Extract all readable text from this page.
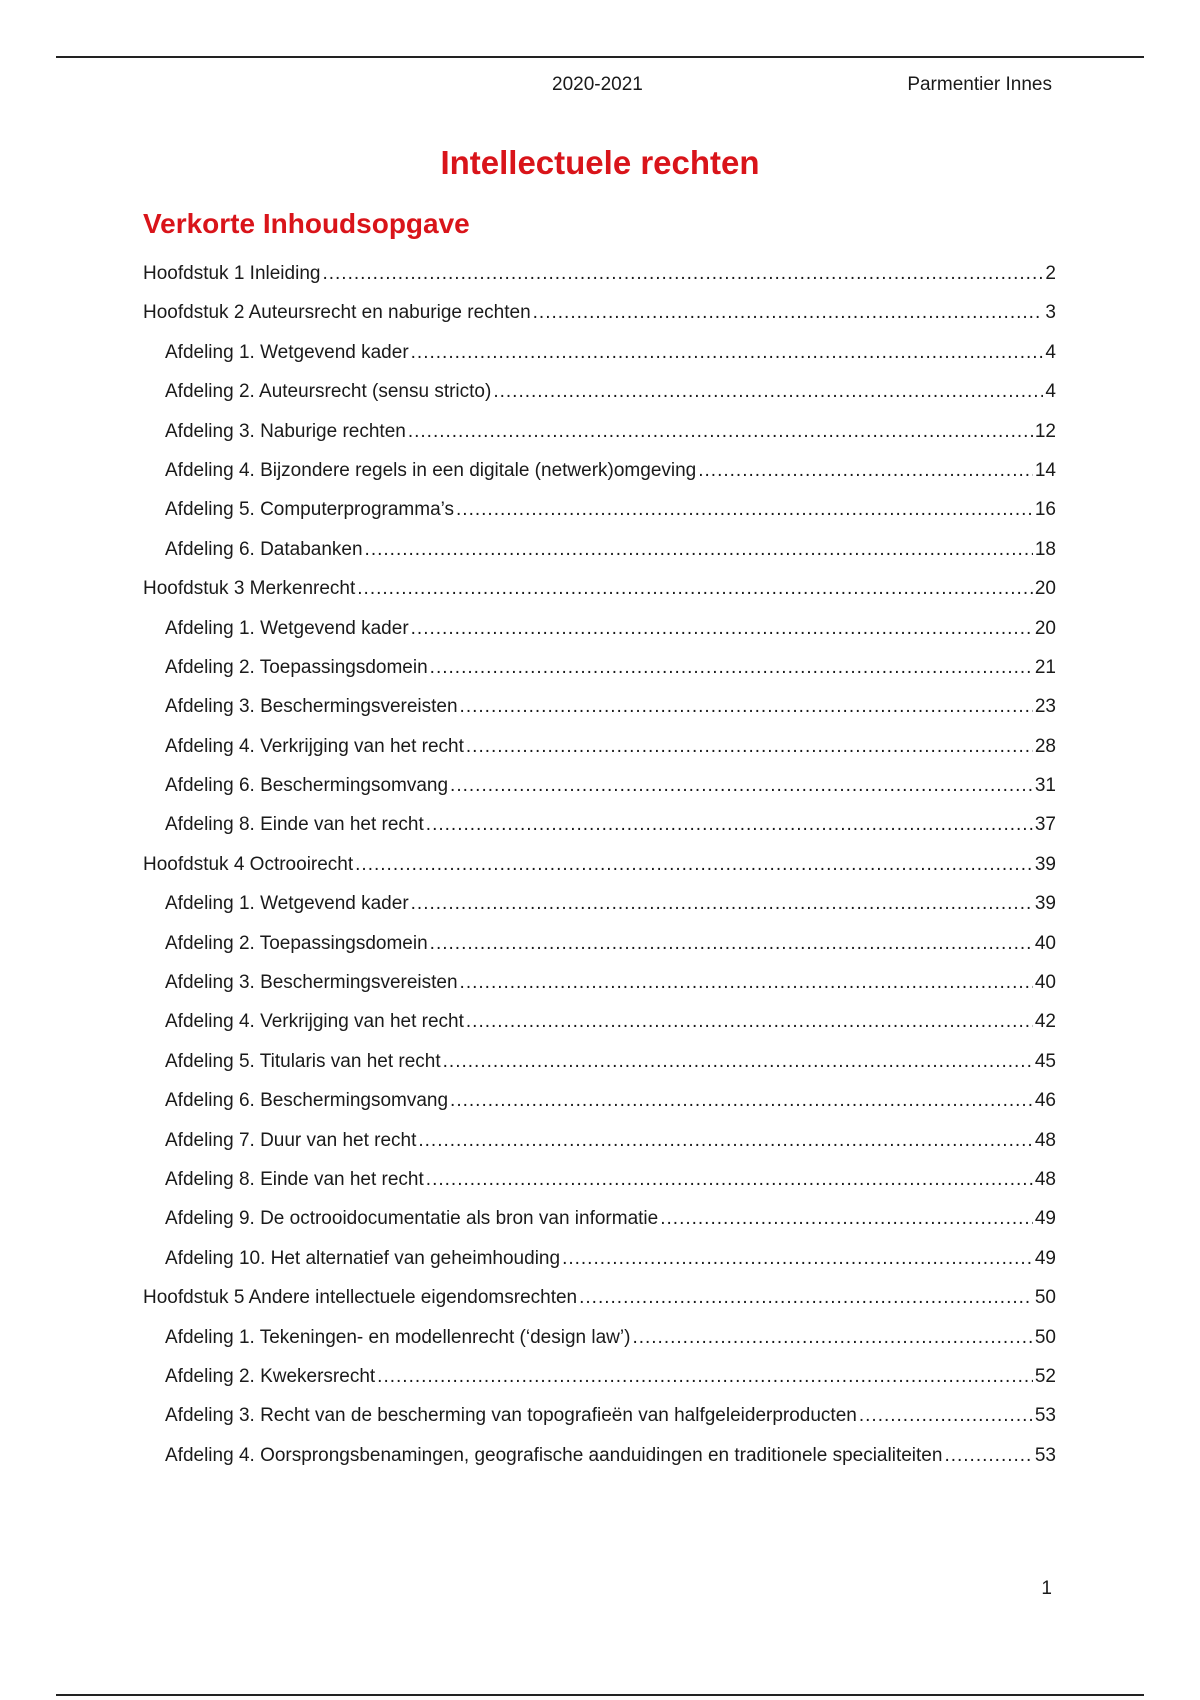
2020-2021	Parmentier Innes
Intellectuele rechten
Verkorte Inhoudsopgave
Hoofdstuk 1 Inleiding .....	2
Hoofdstuk 2 Auteursrecht en naburige rechten .....	3
Afdeling 1. Wetgevend kader .....	4
Afdeling 2. Auteursrecht (sensu stricto) .....	4
Afdeling 3. Naburige rechten .....	12
Afdeling 4. Bijzondere regels in een digitale (netwerk)omgeving .....	14
Afdeling 5. Computerprogramma’s .....	16
Afdeling 6. Databanken .....	18
Hoofdstuk 3 Merkenrecht .....	20
Afdeling 1. Wetgevend kader .....	20
Afdeling 2. Toepassingsdomein .....	21
Afdeling 3. Beschermingsvereisten .....	23
Afdeling 4. Verkrijging van het recht .....	28
Afdeling 6. Beschermingsomvang .....	31
Afdeling 8. Einde van het recht .....	37
Hoofdstuk 4 Octrooirecht .....	39
Afdeling 1. Wetgevend kader .....	39
Afdeling 2. Toepassingsdomein .....	40
Afdeling 3. Beschermingsvereisten .....	40
Afdeling 4. Verkrijging van het recht .....	42
Afdeling 5. Titularis van het recht .....	45
Afdeling 6. Beschermingsomvang .....	46
Afdeling 7. Duur van het recht .....	48
Afdeling 8. Einde van het recht .....	48
Afdeling 9. De octrooidocumentatie als bron van informatie .....	49
Afdeling 10. Het alternatief van geheimhouding .....	49
Hoofdstuk 5 Andere intellectuele eigendomsrechten .....	50
Afdeling 1. Tekeningen- en modellenrecht (‘design law’) .....	50
Afdeling 2. Kwekersrecht .....	52
Afdeling 3. Recht van de bescherming van topografieën van halfgeleiderproducten .....	53
Afdeling 4. Oorsprongsbenamingen, geografische aanduidingen en traditionele specialiteiten .....	53
1
